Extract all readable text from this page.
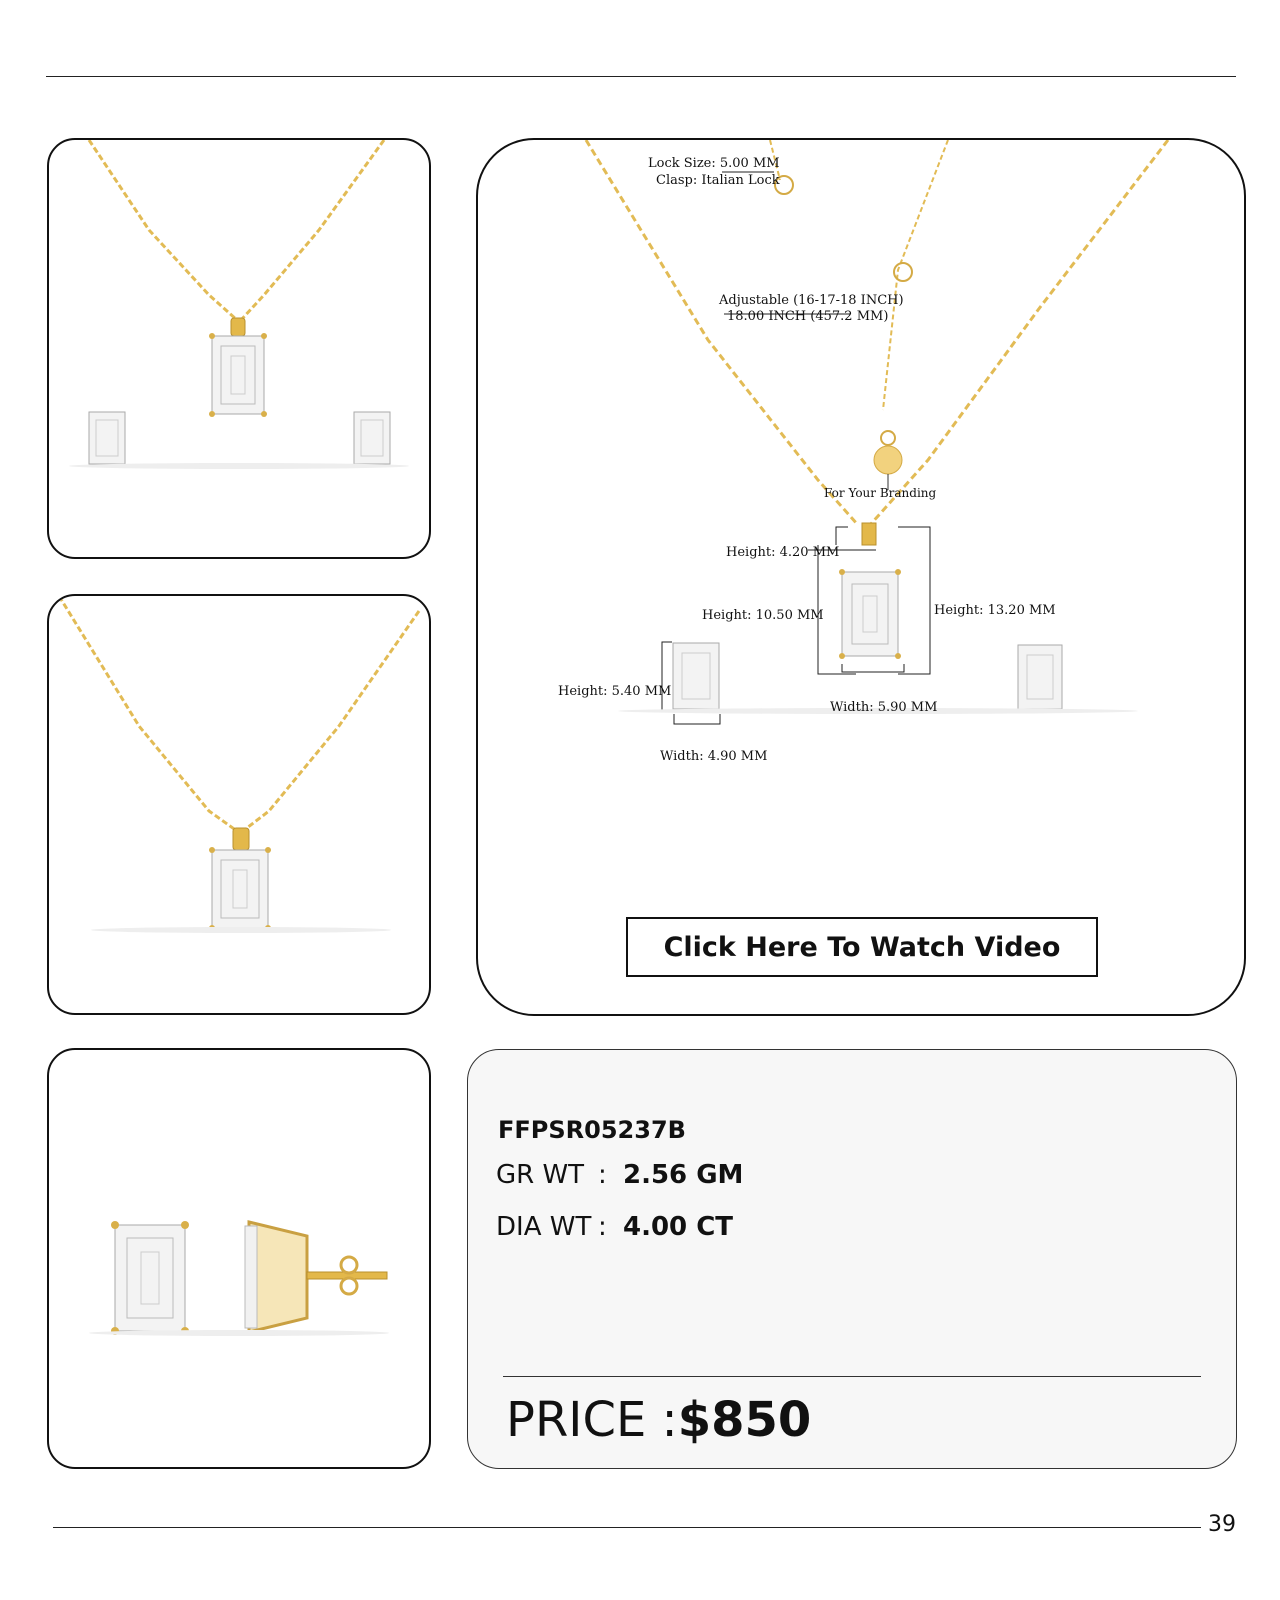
Lock Size: 5.00 MM
Clasp: Italian Lock
Adjustable (16-17-18 INCH)
18.00 INCH (457.2 MM)
For Your Branding
Height: 4.20 MM
Height: 10.50 MM	Height: 13.20 MM
Width: 5.90 MM
Height: 5.40 MM
Width: 4.90 MM
Click Here To Watch Video
FFPSR05237B
GR WT : 2.56 GM
DIA WT : 4.00 CT
PRICE :$850
39
